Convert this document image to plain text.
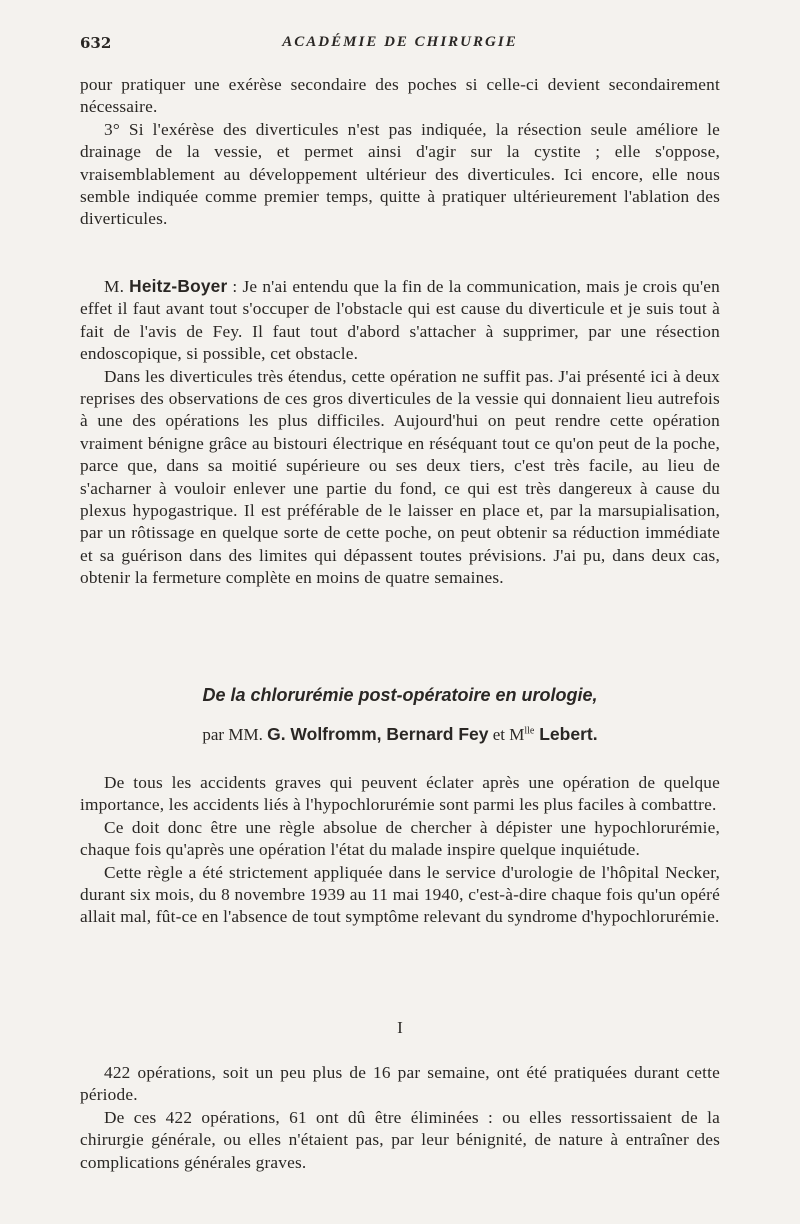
632	ACADÉMIE DE CHIRURGIE

pour pratiquer une exérèse secondaire des poches si celle-ci devient secondairement nécessaire.

3° Si l'exérèse des diverticules n'est pas indiquée, la résection seule améliore le drainage de la vessie, et permet ainsi d'agir sur la cystite ; elle s'oppose, vraisemblablement au développement ultérieur des diverticules. Ici encore, elle nous semble indiquée comme premier temps, quitte à pratiquer ultérieurement l'ablation des diverticules.

M. Heitz-Boyer : Je n'ai entendu que la fin de la communication, mais je crois qu'en effet il faut avant tout s'occuper de l'obstacle qui est cause du diverticule et je suis tout à fait de l'avis de Fey. Il faut tout d'abord s'attacher à supprimer, par une résection endoscopique, si possible, cet obstacle.

Dans les diverticules très étendus, cette opération ne suffit pas. J'ai présenté ici à deux reprises des observations de ces gros diverticules de la vessie qui donnaient lieu autrefois à une des opérations les plus difficiles. Aujourd'hui on peut rendre cette opération vraiment bénigne grâce au bistouri électrique en réséquant tout ce qu'on peut de la poche, parce que, dans sa moitié supérieure ou ses deux tiers, c'est très facile, au lieu de s'acharner à vouloir enlever une partie du fond, ce qui est très dangereux à cause du plexus hypogastrique. Il est préférable de le laisser en place et, par la marsupialisation, par un rôtissage en quelque sorte de cette poche, on peut obtenir sa réduction immédiate et sa guérison dans des limites qui dépassent toutes prévisions. J'ai pu, dans deux cas, obtenir la fermeture complète en moins de quatre semaines.

De la chlorurémie post-opératoire en urologie,
par MM. G. Wolfromm, Bernard Fey et $M^{lle}$ Lebert.

De tous les accidents graves qui peuvent éclater après une opération de quelque importance, les accidents liés à l'hypochlorurémie sont parmi les plus faciles à combattre.

Ce doit donc être une règle absolue de chercher à dépister une hypochlorurémie, chaque fois qu'après une opération l'état du malade inspire quelque inquiétude.

Cette règle a été strictement appliquée dans le service d'urologie de l'hôpital Necker, durant six mois, du 8 novembre 1939 au 11 mai 1940, c'est-à-dire chaque fois qu'un opéré allait mal, fût-ce en l'absence de tout symptôme relevant du syndrome d'hypochlorurémie.

I

422 opérations, soit un peu plus de 16 par semaine, ont été pratiquées durant cette période.

De ces 422 opérations, 61 ont dû être éliminées : ou elles ressortissaient de la chirurgie générale, ou elles n'étaient pas, par leur bénignité, de nature à entraîner des complications générales graves.
